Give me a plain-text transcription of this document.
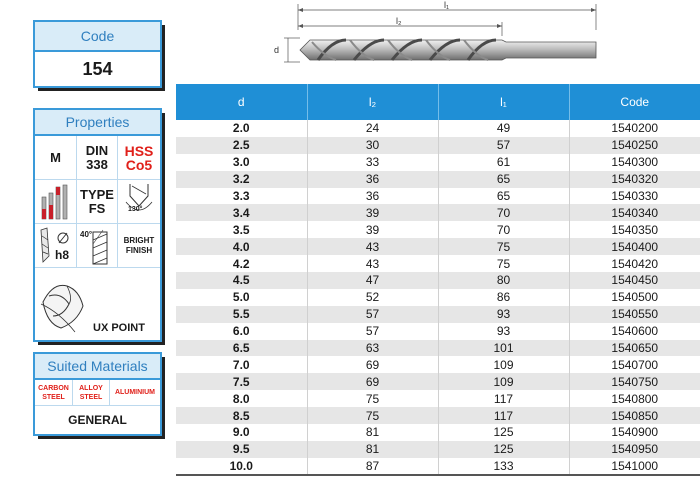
Code
154
Properties
M DIN
338
HSS
Co5
TYPE
FS	130°
h8
40°
BRIGHT
FINISH
UX POINT
Suited Materials
CARBON
STEEL
ALLOY
STEEL
ALUMINIUM
GENERAL
l₁
l₂
d
d	l₂	l₁	Code
2.0	24	49	1540200
2.5	30	57	1540250
3.0	33	61	1540300
3.2	36	65	1540320
3.3	36	65	1540330
3.4	39	70	1540340
3.5	39	70	1540350
4.0	43	75	1540400
4.2	43	75	1540420
4.5	47	80	1540450
5.0	52	86	1540500
5.5	57	93	1540550
6.0	57	93	1540600
6.5	63	101	1540650
7.0	69	109	1540700
7.5	69	109	1540750
8.0	75	117	1540800
8.5	75	117	1540850
9.0	81	125	1540900
9.5	81	125	1540950
10.0	87	133	1541000
